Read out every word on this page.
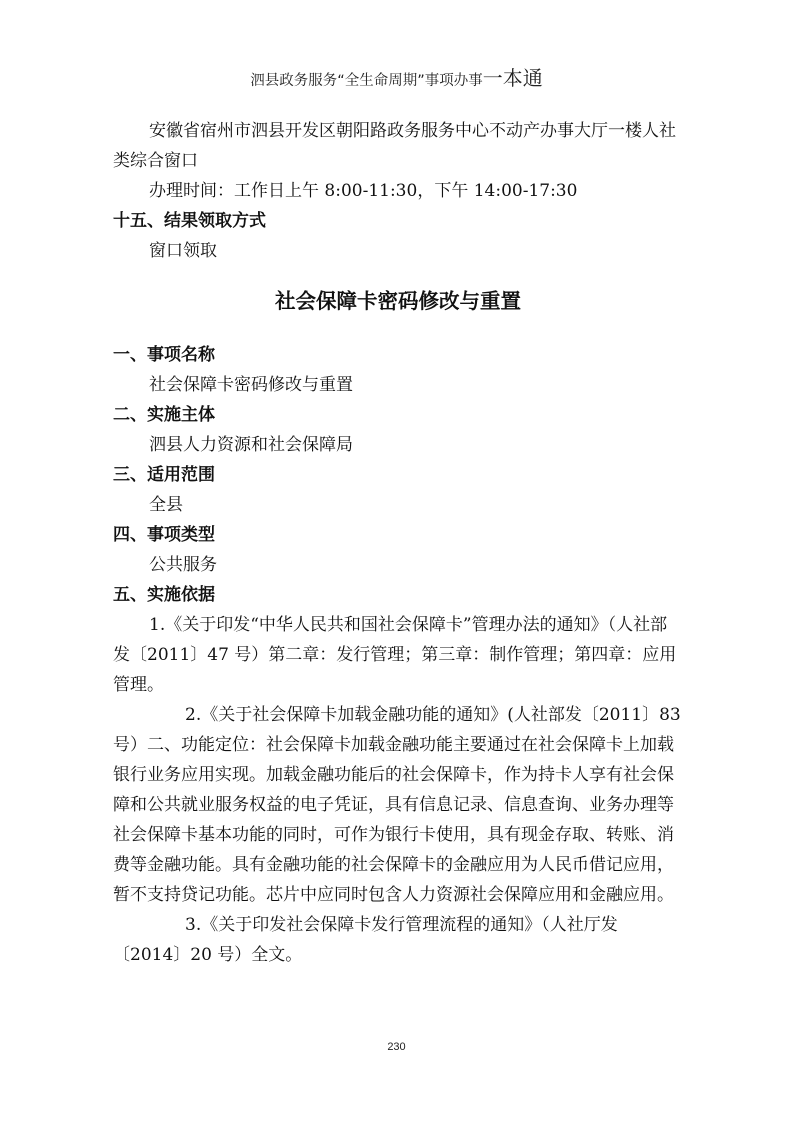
泗县政务服务“全生命周期”事项办事一本通

安徽省宿州市泗县开发区朝阳路政务服务中心不动产办事大厅一楼人社类综合窗口

办理时间：工作日上午 8:00-11:30，下午 14:00-17:30

十五、结果领取方式

窗口领取

社会保障卡密码修改与重置

一、事项名称

社会保障卡密码修改与重置

二、实施主体

泗县人力资源和社会保障局

三、适用范围

全县

四、事项类型

公共服务

五、实施依据

1.《关于印发“中华人民共和国社会保障卡”管理办法的通知》（人社部发〔2011〕47 号）第二章：发行管理；第三章：制作管理；第四章：应用管理。

2.《关于社会保障卡加载金融功能的通知》(人社部发〔2011〕83 号）二、功能定位：社会保障卡加载金融功能主要通过在社会保障卡上加载银行业务应用实现。加载金融功能后的社会保障卡，作为持卡人享有社会保障和公共就业服务权益的电子凭证，具有信息记录、信息查询、业务办理等社会保障卡基本功能的同时，可作为银行卡使用，具有现金存取、转账、消费等金融功能。具有金融功能的社会保障卡的金融应用为人民币借记应用，暂不支持贷记功能。芯片中应同时包含人力资源社会保障应用和金融应用。

3.《关于印发社会保障卡发行管理流程的通知》（人社厅发〔2014〕20 号）全文。

230
